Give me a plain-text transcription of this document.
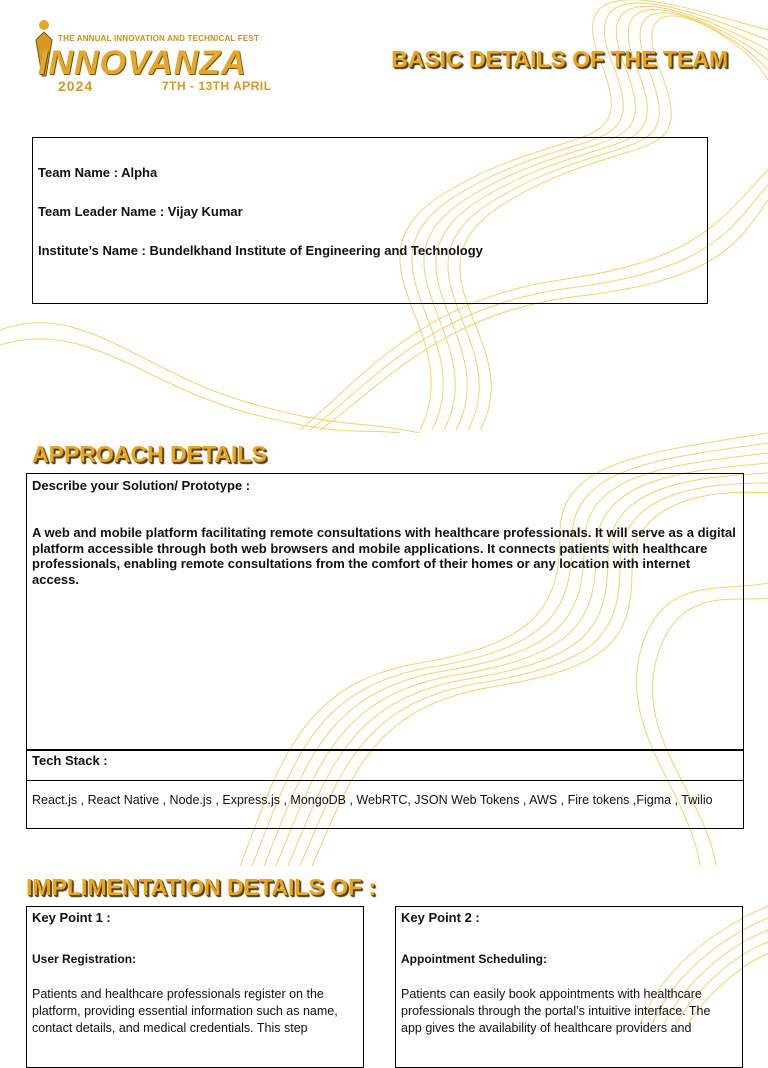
THE ANNUAL INNOVATION AND TECHNICAL FEST
INNOVANZA
2024	7TH - 13TH APRIL
BASIC DETAILS OF THE TEAM
Team Name : Alpha
Team Leader Name : Vijay Kumar
Institute’s Name : Bundelkhand Institute of Engineering and Technology
APPROACH DETAILS
Describe your Solution/ Prototype :
A web and mobile platform facilitating remote consultations with healthcare professionals. It will serve as a digital platform accessible through both web browsers and mobile applications. It connects patients with healthcare professionals, enabling remote consultations from the comfort of their homes or any location with internet access.
Tech Stack :
React.js , React Native , Node.js , Express.js , MongoDB , WebRTC, JSON Web Tokens , AWS , Fire tokens ,Figma , Twilio
IMPLIMENTATION DETAILS OF :
Key Point 1 :
User Registration:
Patients and healthcare professionals register on the platform, providing essential information such as name, contact details, and medical credentials. This step
Key Point 2 :
Appointment Scheduling:
Patients can easily book appointments with healthcare professionals through the portal’s intuitive interface. The app gives the availability of healthcare providers and
